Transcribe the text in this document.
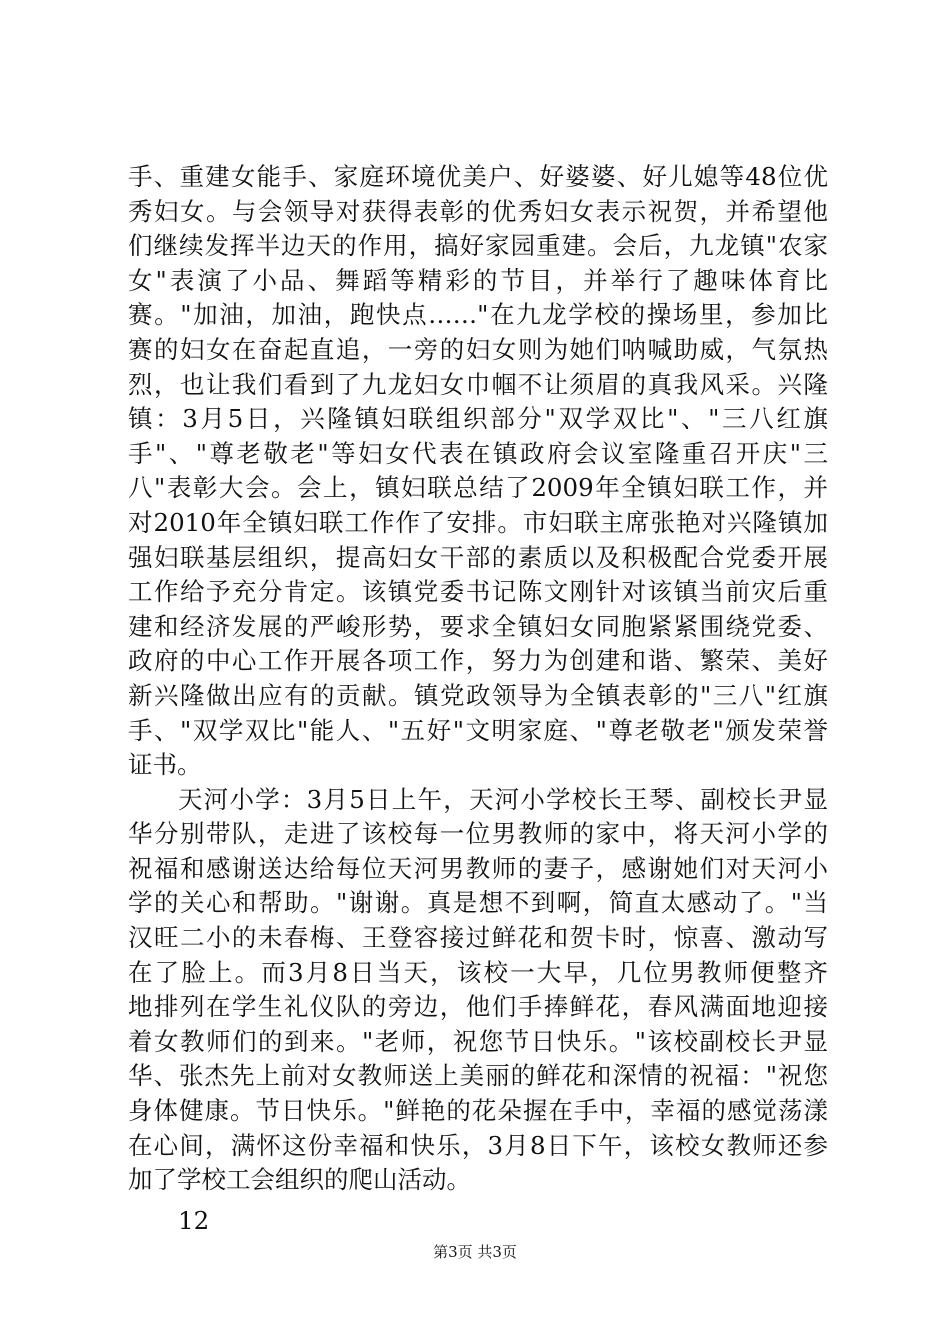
手、重建女能手、家庭环境优美户、好婆婆、好儿媳等48位优
秀妇女。与会领导对获得表彰的优秀妇女表示祝贺，并希望他
们继续发挥半边天的作用，搞好家园重建。会后，九龙镇"农家
女"表演了小品、舞蹈等精彩的节目，并举行了趣味体育比
赛。"加油，加油，跑快点……"在九龙学校的操场里，参加比
赛的妇女在奋起直追，一旁的妇女则为她们呐喊助威，气氛热
烈，也让我们看到了九龙妇女巾帼不让须眉的真我风采。兴隆
镇：3月5日，兴隆镇妇联组织部分"双学双比"、"三八红旗
手"、"尊老敬老"等妇女代表在镇政府会议室隆重召开庆"三
八"表彰大会。会上，镇妇联总结了2009年全镇妇联工作，并
对2010年全镇妇联工作作了安排。市妇联主席张艳对兴隆镇加
强妇联基层组织，提高妇女干部的素质以及积极配合党委开展
工作给予充分肯定。该镇党委书记陈文刚针对该镇当前灾后重
建和经济发展的严峻形势，要求全镇妇女同胞紧紧围绕党委、
政府的中心工作开展各项工作，努力为创建和谐、繁荣、美好
新兴隆做出应有的贡献。镇党政领导为全镇表彰的"三八"红旗
手、"双学双比"能人、"五好"文明家庭、"尊老敬老"颁发荣誉
证书。
天河小学：3月5日上午，天河小学校长王琴、副校长尹显
华分别带队，走进了该校每一位男教师的家中，将天河小学的
祝福和感谢送达给每位天河男教师的妻子，感谢她们对天河小
学的关心和帮助。"谢谢。真是想不到啊，简直太感动了。"当
汉旺二小的未春梅、王登容接过鲜花和贺卡时，惊喜、激动写
在了脸上。而3月8日当天，该校一大早，几位男教师便整齐
地排列在学生礼仪队的旁边，他们手捧鲜花，春风满面地迎接
着女教师们的到来。"老师，祝您节日快乐。"该校副校长尹显
华、张杰先上前对女教师送上美丽的鲜花和深情的祝福："祝您
身体健康。节日快乐。"鲜艳的花朵握在手中，幸福的感觉荡漾
在心间，满怀这份幸福和快乐，3月8日下午，该校女教师还参
加了学校工会组织的爬山活动。
12
第3页 共3页
